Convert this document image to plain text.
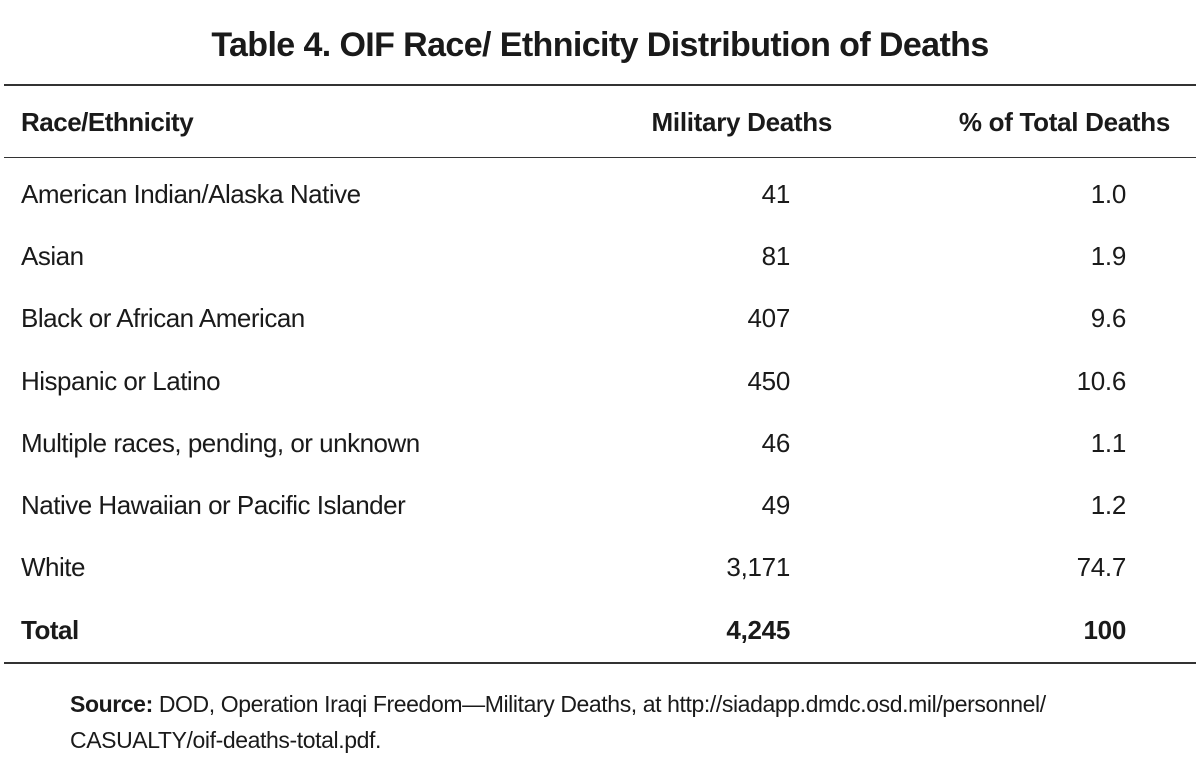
Table 4. OIF Race/ Ethnicity Distribution of Deaths
Race/Ethnicity	Military Deaths	% of Total Deaths
American Indian/Alaska Native	41	1.0
Asian	81	1.9
Black or African American	407	9.6
Hispanic or Latino	450	10.6
Multiple races, pending, or unknown	46	1.1
Native Hawaiian or Pacific Islander	49	1.2
White	3,171	74.7
Total	4,245	100
Source: DOD, Operation Iraqi Freedom—Military Deaths, at http://siadapp.dmdc.osd.mil/personnel/
CASUALTY/oif-deaths-total.pdf.
